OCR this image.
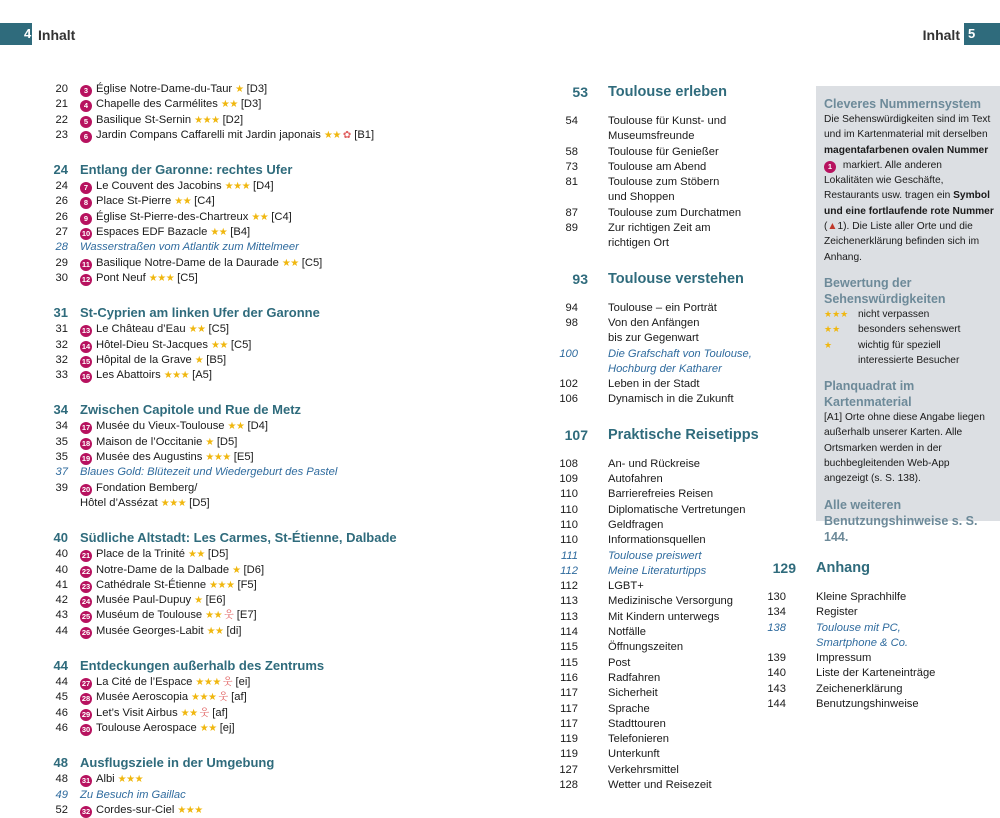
4 Inhalt	Inhalt 5
20	3 Église Notre-Dame-du-Taur ★ [D3]
21	4 Chapelle des Carmélites ★★ [D3]
22	5 Basilique St-Sernin ★★★ [D2]
23	6 Jardin Compans Caffarelli mit Jardin japonais ★★ ✿ [B1]
24 Entlang der Garonne: rechtes Ufer
24	7 Le Couvent des Jacobins ★★★ [D4]
26	8 Place St-Pierre ★★ [C4]
26	9 Église St-Pierre-des-Chartreux ★★ [C4]
27 10 Espaces EDF Bazacle ★★ [B4]
28 Wasserstraßen vom Atlantik zum Mittelmeer
29 11 Basilique Notre-Dame de la Daurade ★★ [C5]
30 12 Pont Neuf ★★★ [C5]
31 St-Cyprien am linken Ufer der Garonne
31 13 Le Château d’Eau ★★ [C5]
32 14 Hôtel-Dieu St-Jacques ★★ [C5]
32 15 Hôpital de la Grave ★ [B5]
33 16 Les Abattoirs ★★★ [A5]
34 Zwischen Capitole und Rue de Metz
34 17 Musée du Vieux-Toulouse ★★ [D4]
35 18 Maison de l’Occitanie ★ [D5]
35 19 Musée des Augustins ★★★ [E5]
37 Blaues Gold: Blütezeit und Wiedergeburt des Pastel
39 20 Fondation Bemberg/
Hôtel d’Assézat ★★★ [D5]
40 Südliche Altstadt: Les Carmes, St-Étienne, Dalbade
40 21 Place de la Trinité ★★ [D5]
40 22 Notre-Dame de la Dalbade ★ [D6]
41 23 Cathédrale St-Étienne ★★★ [F5]
42 24 Musée Paul-Dupuy ★ [E6]
43 25 Muséum de Toulouse ★★ 웃 [E7]
44 26 Musée Georges-Labit ★★ [di]
44 Entdeckungen außerhalb des Zentrums
44 27 La Cité de l’Espace ★★★ 웃 [ei]
45 28 Musée Aeroscopia ★★★ 웃 [af]
46 29 Let’s Visit Airbus ★★ 웃 [af]
46 30 Toulouse Aerospace ★★ [ej]
48 Ausflugsziele in der Umgebung
48 31 Albi ★★★
49 Zu Besuch im Gaillac
52 32 Cordes-sur-Ciel ★★★
53 Toulouse erleben
54	Toulouse für Kunst- und
Museumsfreunde
58	Toulouse für Genießer
73	Toulouse am Abend
81	Toulouse zum Stöbern
und Shoppen
87	Toulouse zum Durchatmen
89	Zur richtigen Zeit am
richtigen Ort
93 Toulouse verstehen
94	Toulouse – ein Porträt
98	Von den Anfängen
bis zur Gegenwart
100	Die Grafschaft von Toulouse,
Hochburg der Katharer
102	Leben in der Stadt
106	Dynamisch in die Zukunft
107 Praktische Reisetipps
108	An- und Rückreise
109	Autofahren
110	Barrierefreies Reisen
110	Diplomatische Vertretungen
110	Geldfragen
110	Informationsquellen
111	Toulouse preiswert
112	Meine Literaturtipps
112	LGBT+
113	Medizinische Versorgung
113	Mit Kindern unterwegs
114	Notfälle
115	Öffnungszeiten
115	Post
116	Radfahren
117	Sicherheit
117	Sprache
117	Stadttouren
119	Telefonieren
119	Unterkunft
127	Verkehrsmittel
128	Wetter und Reisezeit
129 Anhang
130	Kleine Sprachhilfe
134	Register
138	Toulouse mit PC,
Smartphone & Co.
139	Impressum
140	Liste der Karteneinträge
143	Zeichenerklärung
144	Benutzungshinweise
Cleveres Nummernsystem
Die Sehenswürdigkeiten sind im Text und im Kartenmaterial mit derselben magentafarbenen ovalen Nummer
1 markiert. Alle anderen Lokalitäten wie Geschäfte, Restaurants usw. tragen ein Symbol und eine fortlaufende rote Nummer (▲1). Die Liste aller Orte und die Zeichenerklärung befinden sich im Anhang.
Bewertung der Sehenswürdigkeiten
★★★ nicht verpassen
★★ besonders sehenswert
★	wichtig für speziell
interessierte Besucher
Planquadrat im Kartenmaterial
[A1] Orte ohne diese Angabe liegen außerhalb unserer Karten. Alle Ortsmarken werden in der buchbegleitenden Web-App angezeigt (s. S. 138).
Alle weiteren Benutzungshinweise s. S. 144.
